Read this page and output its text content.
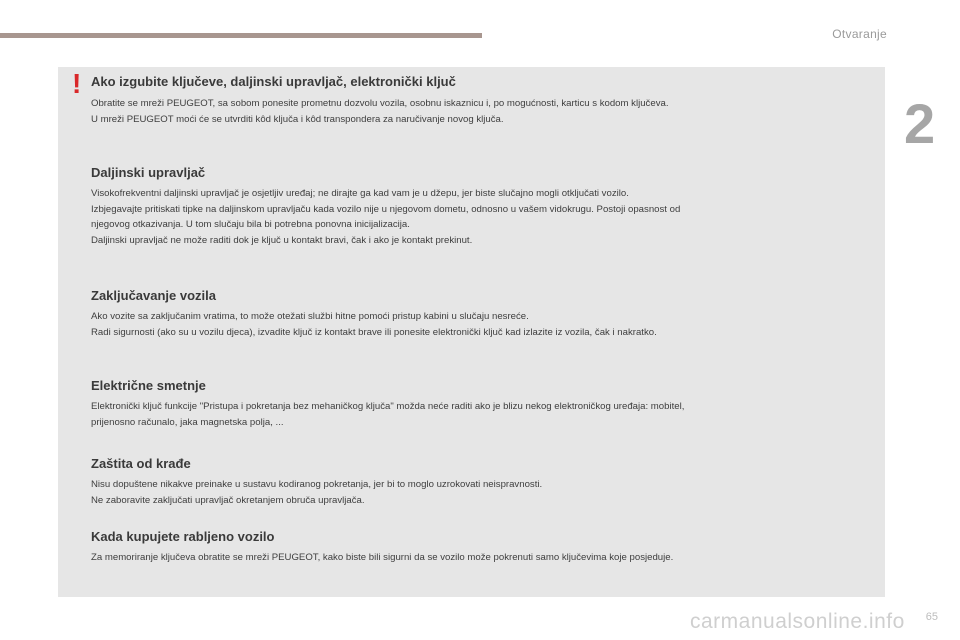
Otvaranje
2
! Ako izgubite ključeve, daljinski upravljač, elektronički ključ

Obratite se mreži PEUGEOT, sa sobom ponesite prometnu dozvolu vozila, osobnu iskaznicu i, po mogućnosti, karticu s kodom ključeva.
U mreži PEUGEOT moći će se utvrditi kôd ključa i kôd transpondera za naručivanje novog ključa.

Daljinski upravljač

Visokofrekventni daljinski upravljač je osjetljiv uređaj; ne dirajte ga kad vam je u džepu, jer biste slučajno mogli otključati vozilo.
Izbjegavajte pritiskati tipke na daljinskom upravljaču kada vozilo nije u njegovom dometu, odnosno u vašem vidokrugu. Postoji opasnost od
njegovog otkazivanja. U tom slučaju bila bi potrebna ponovna inicijalizacija.
Daljinski upravljač ne može raditi dok je ključ u kontakt bravi, čak i ako je kontakt prekinut.

Zaključavanje vozila

Ako vozite sa zaključanim vratima, to može otežati službi hitne pomoći pristup kabini u slučaju nesreće.
Radi sigurnosti (ako su u vozilu djeca), izvadite ključ iz kontakt brave ili ponesite elektronički ključ kad izlazite iz vozila, čak i nakratko.

Električne smetnje

Elektronički ključ funkcije "Pristupa i pokretanja bez mehaničkog ključa" možda neće raditi ako je blizu nekog elektroničkog uređaja: mobitel,
prijenosno računalo, jaka magnetska polja, ...

Zaštita od krađe

Nisu dopuštene nikakve preinake u sustavu kodiranog pokretanja, jer bi to moglo uzrokovati neispravnosti.
Ne zaboravite zaključati upravljač okretanjem obruča upravljača.

Kada kupujete rabljeno vozilo

Za memoriranje ključeva obratite se mreži PEUGEOT, kako biste bili sigurni da se vozilo može pokrenuti samo ključevima koje posjeduje.

carmanualsonline.info 65
